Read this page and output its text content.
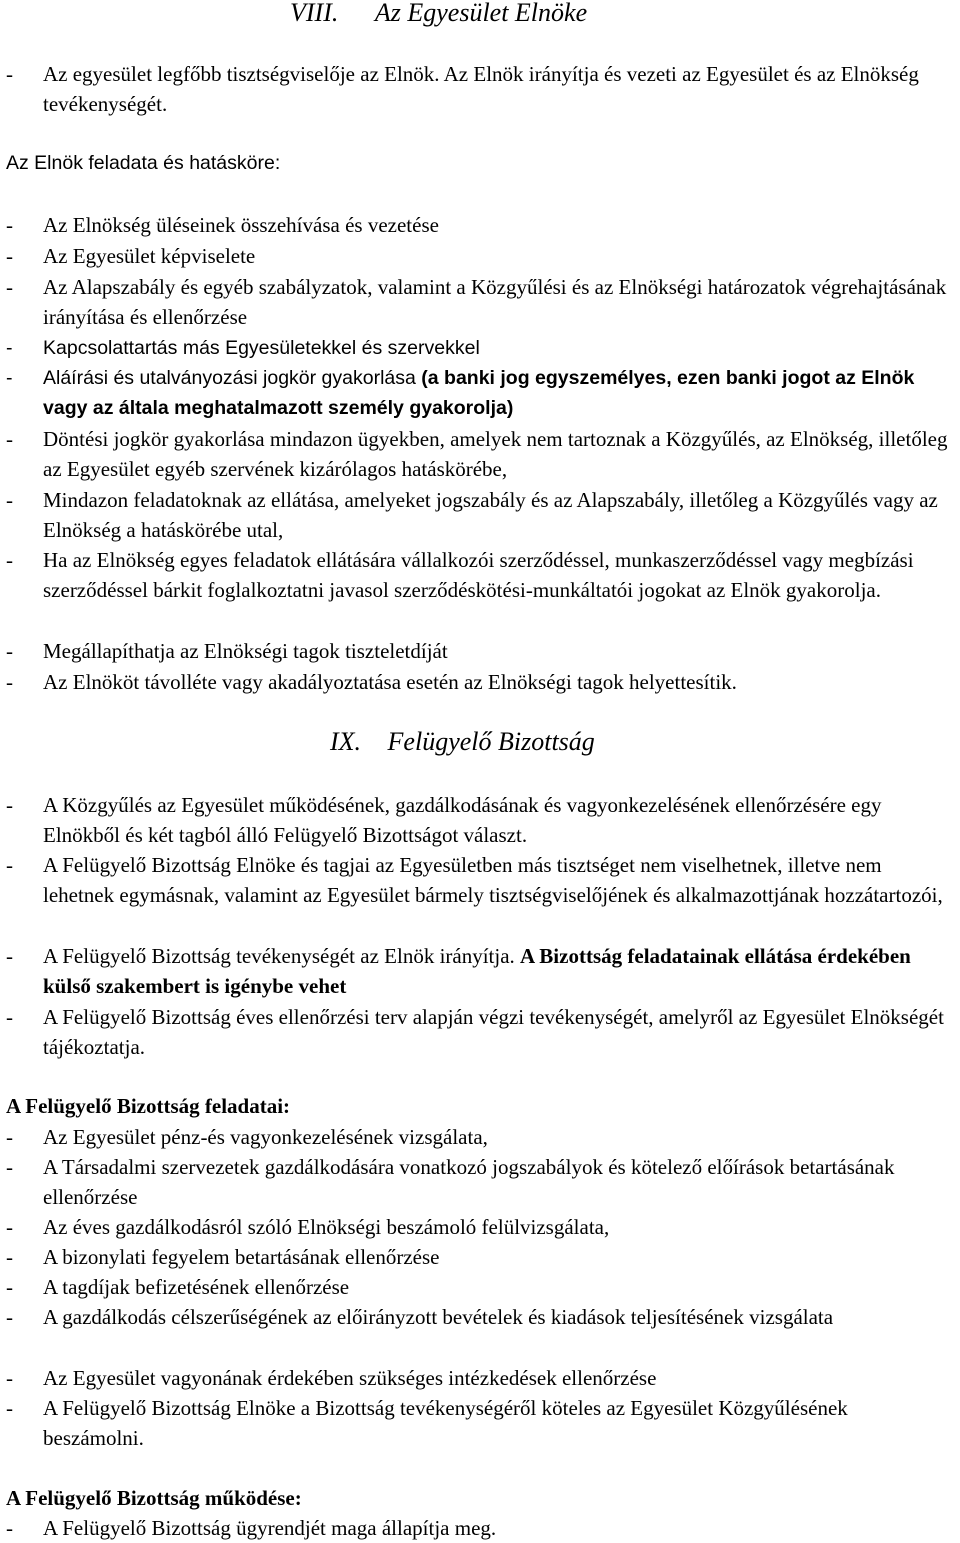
VIII. Az Egyesület Elnöke
- Az egyesület legfőbb tisztségviselője az Elnök. Az Elnök irányítja és vezeti az Egyesület és az Elnökség tevékenységét.
Az Elnök feladata és hatásköre:
- Az Elnökség üléseinek összehívása és vezetése
- Az Egyesület képviselete
- Az Alapszabály és egyéb szabályzatok, valamint a Közgyűlési és az Elnökségi határozatok végrehajtásának irányítása és ellenőrzése
- Kapcsolattartás más Egyesületekkel és szervekkel
- Aláírási és utalványozási jogkör gyakorlása (a banki jog egyszemélyes, ezen banki jogot az Elnök vagy az általa meghatalmazott személy gyakorolja)
- Döntési jogkör gyakorlása mindazon ügyekben, amelyek nem tartoznak a Közgyűlés, az Elnökség, illetőleg az Egyesület egyéb szervének kizárólagos hatáskörébe,
- Mindazon feladatoknak az ellátása, amelyeket jogszabály és az Alapszabály, illetőleg a Közgyűlés vagy az Elnökség a hatáskörébe utal,
- Ha az Elnökség egyes feladatok ellátására vállalkozói szerződéssel, munkaszerződéssel vagy megbízási szerződéssel bárkit foglalkoztatni javasol szerződéskötési-munkáltatói jogokat az Elnök gyakorolja.
- Megállapíthatja az Elnökségi tagok tiszteletdíját
- Az Elnököt távolléte vagy akadályoztatása esetén az Elnökségi tagok helyettesítik.
IX. Felügyelő Bizottság
- A Közgyűlés az Egyesület működésének, gazdálkodásának és vagyonkezelésének ellenőrzésére egy Elnökből és két tagból álló Felügyelő Bizottságot választ.
- A Felügyelő Bizottság Elnöke és tagjai az Egyesületben más tisztséget nem viselhetnek, illetve nem lehetnek egymásnak, valamint az Egyesület bármely tisztségviselőjének és alkalmazottjának hozzátartozói,
- A Felügyelő Bizottság tevékenységét az Elnök irányítja. A Bizottság feladatainak ellátása érdekében külső szakembert is igénybe vehet
- A Felügyelő Bizottság éves ellenőrzési terv alapján végzi tevékenységét, amelyről az Egyesület Elnökségét tájékoztatja.
A Felügyelő Bizottság feladatai:
- Az Egyesület pénz-és vagyonkezelésének vizsgálata,
- A Társadalmi szervezetek gazdálkodására vonatkozó jogszabályok és kötelező előírások betartásának ellenőrzése
- Az éves gazdálkodásról szóló Elnökségi beszámoló felülvizsgálata,
- A bizonylati fegyelem betartásának ellenőrzése
- A tagdíjak befizetésének ellenőrzése
- A gazdálkodás célszerűségének az előirányzott bevételek és kiadások teljesítésének vizsgálata
- Az Egyesület vagyonának érdekében szükséges intézkedések ellenőrzése
- A Felügyelő Bizottság Elnöke a Bizottság tevékenységéről köteles az Egyesület Közgyűlésének beszámolni.
A Felügyelő Bizottság működése:
- A Felügyelő Bizottság ügyrendjét maga állapítja meg.
